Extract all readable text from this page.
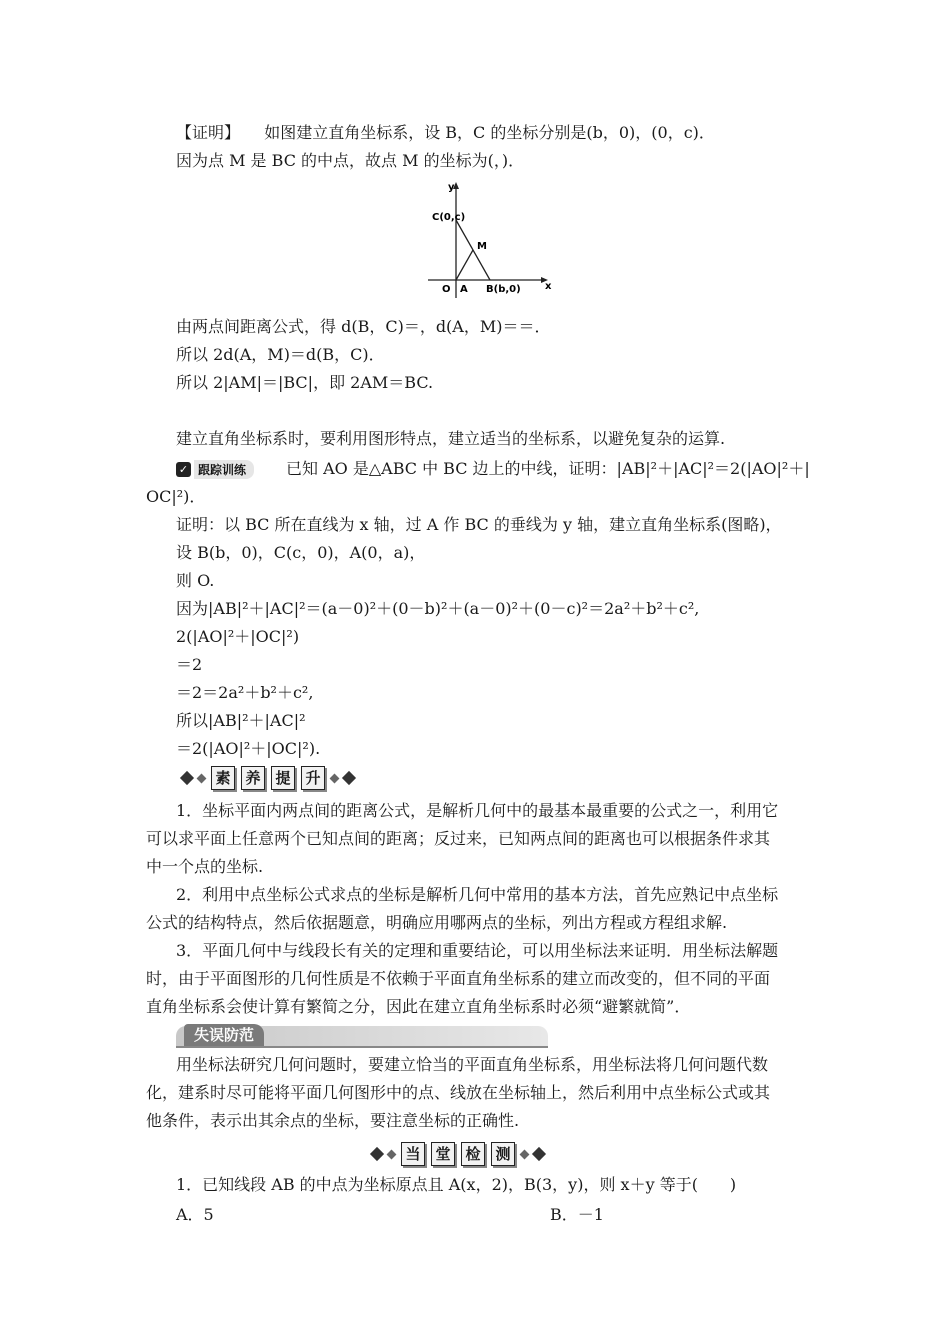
【证明】 如图建立直角坐标系，设 B，C 的坐标分别是(b，0)，(0，c)．
因为点 M 是 BC 的中点，故点 M 的坐标为(，)．
y
x
C(0,c)
M
O A B(b,0)
由两点间距离公式，得 d(B，C)＝，d(A，M)＝＝．
所以 2d(A，M)＝d(B，C)．
所以 2|AM|＝|BC|，即 2AM＝BC.
建立直角坐标系时，要利用图形特点，建立适当的坐标系，以避免复杂的运算.
✓ 跟踪训练	已知 AO 是△ABC 中 BC 边上的中线，证明：|AB|²＋|AC|²＝2(|AO|²＋|
OC|²)．
证明：以 BC 所在直线为 x 轴，过 A 作 BC 的垂线为 y 轴，建立直角坐标系(图略)，
设 B(b，0)，C(c，0)，A(0，a)，
则 O.
因为|AB|²＋|AC|²＝(a－0)²＋(0－b)²＋(a－0)²＋(0－c)²＝2a²＋b²＋c²,
2(|AO|²＋|OC|²)
＝2
＝2＝2a²＋b²＋c²,
所以|AB|²＋|AC|²
＝2(|AO|²＋|OC|²).
素 养 提 升
1．坐标平面内两点间的距离公式，是解析几何中的最基本最重要的公式之一，利用它
可以求平面上任意两个已知点间的距离；反过来，已知两点间的距离也可以根据条件求其
中一个点的坐标.
2．利用中点坐标公式求点的坐标是解析几何中常用的基本方法，首先应熟记中点坐标
公式的结构特点，然后依据题意，明确应用哪两点的坐标，列出方程或方程组求解.
3．平面几何中与线段长有关的定理和重要结论，可以用坐标法来证明．用坐标法解题
时，由于平面图形的几何性质是不依赖于平面直角坐标系的建立而改变的，但不同的平面
直角坐标系会使计算有繁简之分，因此在建立直角坐标系时必须“避繁就简”．
失误防范
用坐标法研究几何问题时，要建立恰当的平面直角坐标系，用坐标法将几何问题代数
化，建系时尽可能将平面几何图形中的点、线放在坐标轴上，然后利用中点坐标公式或其
他条件，表示出其余点的坐标，要注意坐标的正确性.
当 堂 检 测
1．已知线段 AB 的中点为坐标原点且 A(x，2)，B(3，y)，则 x＋y 等于(　　)
A．5	B．－1
